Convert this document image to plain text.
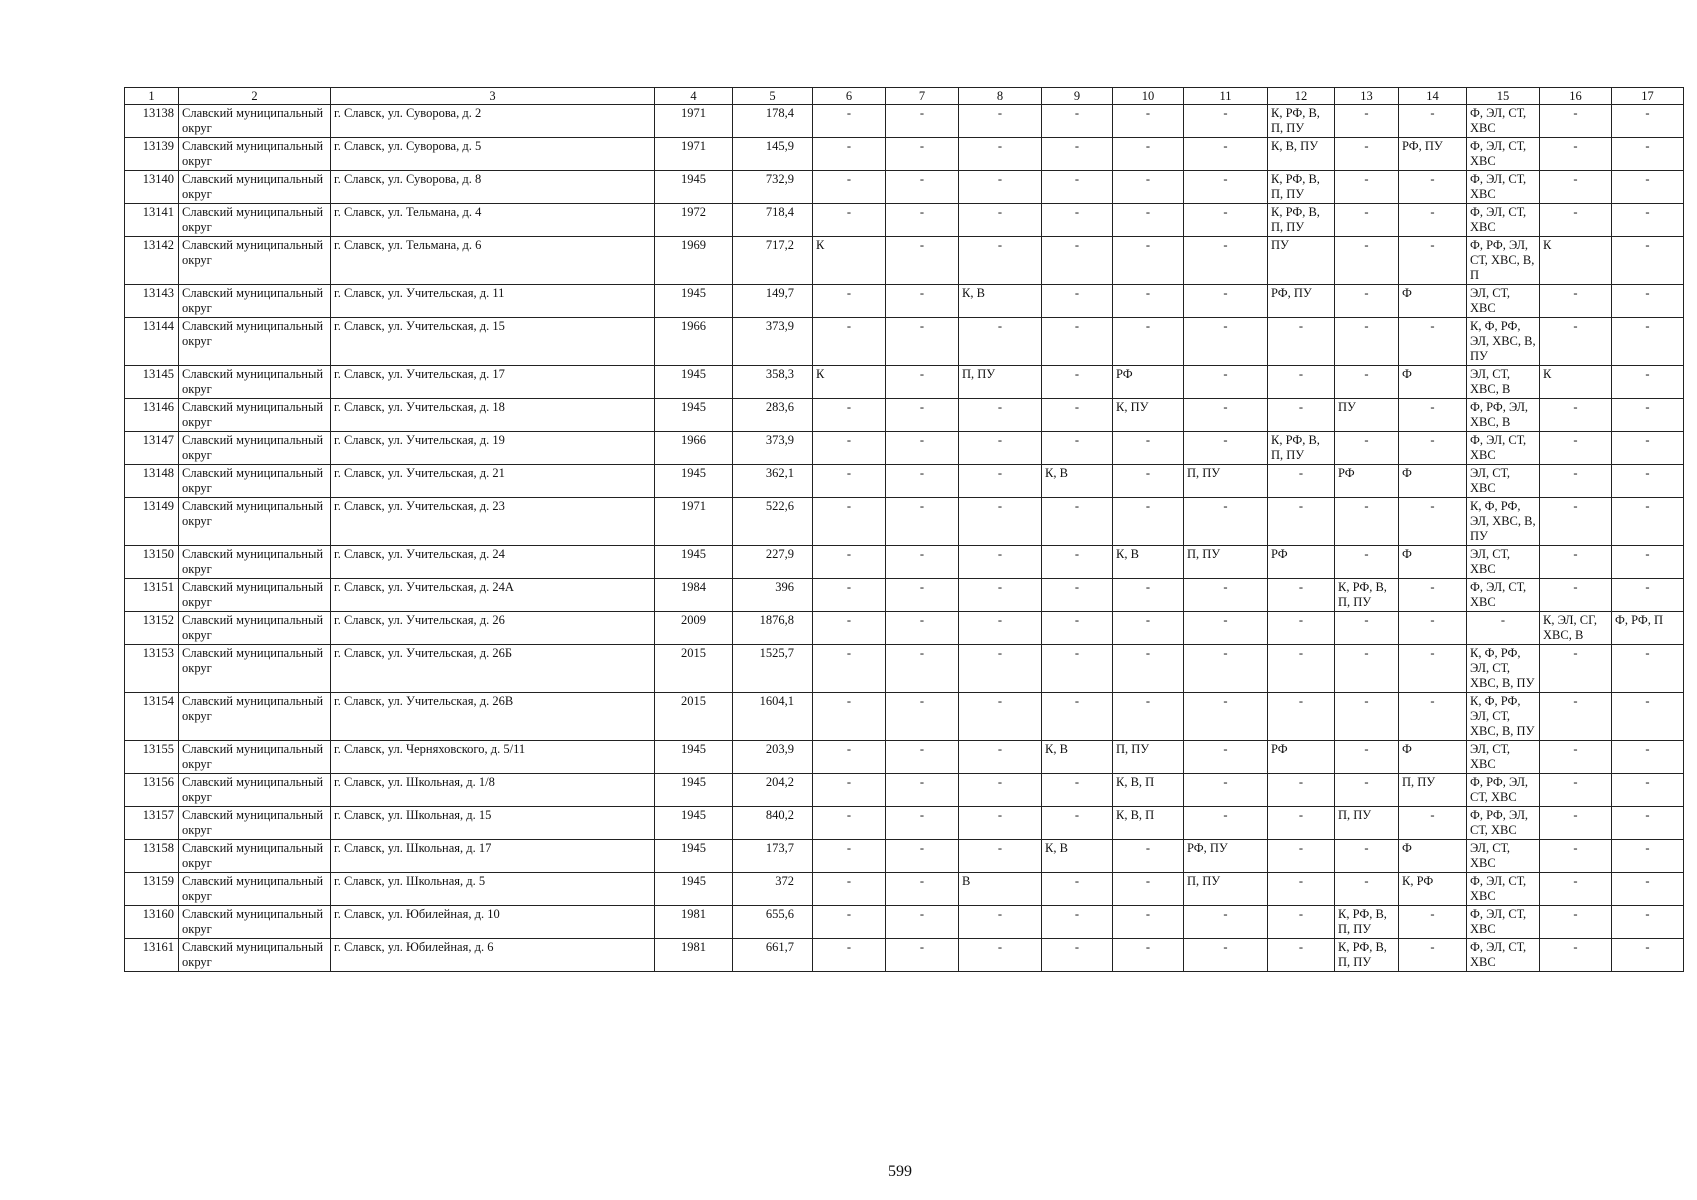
1	2	3	4	5	6	7	8	9	10	11	12	13	14	15	16	17
13138	Славский муниципальный округ	г. Славск, ул. Суворова, д. 2	1971	178,4	-	-	-	-	-	-	К, РФ, В, П, ПУ	-	-	Ф, ЭЛ, СТ, ХВС	-	-
13139	Славский муниципальный округ	г. Славск, ул. Суворова, д. 5	1971	145,9	-	-	-	-	-	-	К, В, ПУ	-	РФ, ПУ	Ф, ЭЛ, СТ, ХВС	-	-
13140	Славский муниципальный округ	г. Славск, ул. Суворова, д. 8	1945	732,9	-	-	-	-	-	-	К, РФ, В, П, ПУ	-	-	Ф, ЭЛ, СТ, ХВС	-	-
13141	Славский муниципальный округ	г. Славск, ул. Тельмана, д. 4	1972	718,4	-	-	-	-	-	-	К, РФ, В, П, ПУ	-	-	Ф, ЭЛ, СТ, ХВС	-	-
13142	Славский муниципальный округ	г. Славск, ул. Тельмана, д. 6	1969	717,2	К	-	-	-	-	-	ПУ	-	-	Ф, РФ, ЭЛ, СТ, ХВС, В, П	К	-
13143	Славский муниципальный округ	г. Славск, ул. Учительская, д. 11	1945	149,7	-	-	К, В	-	-	-	РФ, ПУ	-	Ф	ЭЛ, СТ, ХВС	-	-
13144	Славский муниципальный округ	г. Славск, ул. Учительская, д. 15	1966	373,9	-	-	-	-	-	-	-	-	-	К, Ф, РФ, ЭЛ, ХВС, В, ПУ	-	-
13145	Славский муниципальный округ	г. Славск, ул. Учительская, д. 17	1945	358,3	К	-	П, ПУ	-	РФ	-	-	-	Ф	ЭЛ, СТ, ХВС, В	К	-
13146	Славский муниципальный округ	г. Славск, ул. Учительская, д. 18	1945	283,6	-	-	-	-	К, ПУ	-	-	ПУ	-	Ф, РФ, ЭЛ, ХВС, В	-	-
13147	Славский муниципальный округ	г. Славск, ул. Учительская, д. 19	1966	373,9	-	-	-	-	-	-	К, РФ, В, П, ПУ	-	-	Ф, ЭЛ, СТ, ХВС	-	-
13148	Славский муниципальный округ	г. Славск, ул. Учительская, д. 21	1945	362,1	-	-	-	К, В	-	П, ПУ	-	РФ	Ф	ЭЛ, СТ, ХВС	-	-
13149	Славский муниципальный округ	г. Славск, ул. Учительская, д. 23	1971	522,6	-	-	-	-	-	-	-	-	-	К, Ф, РФ, ЭЛ, ХВС, В, ПУ	-	-
13150	Славский муниципальный округ	г. Славск, ул. Учительская, д. 24	1945	227,9	-	-	-	-	К, В	П, ПУ	РФ	-	Ф	ЭЛ, СТ, ХВС	-	-
13151	Славский муниципальный округ	г. Славск, ул. Учительская, д. 24А	1984	396	-	-	-	-	-	-	-	К, РФ, В, П, ПУ	-	Ф, ЭЛ, СТ, ХВС	-	-
13152	Славский муниципальный округ	г. Славск, ул. Учительская, д. 26	2009	1876,8	-	-	-	-	-	-	-	-	-	-	К, ЭЛ, СГ, ХВС, В	Ф, РФ, П
13153	Славский муниципальный округ	г. Славск, ул. Учительская, д. 26Б	2015	1525,7	-	-	-	-	-	-	-	-	-	К, Ф, РФ, ЭЛ, СТ, ХВС, В, ПУ	-	-
13154	Славский муниципальный округ	г. Славск, ул. Учительская, д. 26В	2015	1604,1	-	-	-	-	-	-	-	-	-	К, Ф, РФ, ЭЛ, СТ, ХВС, В, ПУ	-	-
13155	Славский муниципальный округ	г. Славск, ул. Черняховского, д. 5/11	1945	203,9	-	-	-	К, В	П, ПУ	-	РФ	-	Ф	ЭЛ, СТ, ХВС	-	-
13156	Славский муниципальный округ	г. Славск, ул. Школьная, д. 1/8	1945	204,2	-	-	-	-	К, В, П	-	-	-	П, ПУ	Ф, РФ, ЭЛ, СТ, ХВС	-	-
13157	Славский муниципальный округ	г. Славск, ул. Школьная, д. 15	1945	840,2	-	-	-	-	К, В, П	-	-	П, ПУ	-	Ф, РФ, ЭЛ, СТ, ХВС	-	-
13158	Славский муниципальный округ	г. Славск, ул. Школьная, д. 17	1945	173,7	-	-	-	К, В	-	РФ, ПУ	-	-	Ф	ЭЛ, СТ, ХВС	-	-
13159	Славский муниципальный округ	г. Славск, ул. Школьная, д. 5	1945	372	-	-	В	-	-	П, ПУ	-	-	К, РФ	Ф, ЭЛ, СТ, ХВС	-	-
13160	Славский муниципальный округ	г. Славск, ул. Юбилейная, д. 10	1981	655,6	-	-	-	-	-	-	-	К, РФ, В, П, ПУ	-	Ф, ЭЛ, СТ, ХВС	-	-
13161	Славский муниципальный округ	г. Славск, ул. Юбилейная, д. 6	1981	661,7	-	-	-	-	-	-	-	К, РФ, В, П, ПУ	-	Ф, ЭЛ, СТ, ХВС	-	-
599
